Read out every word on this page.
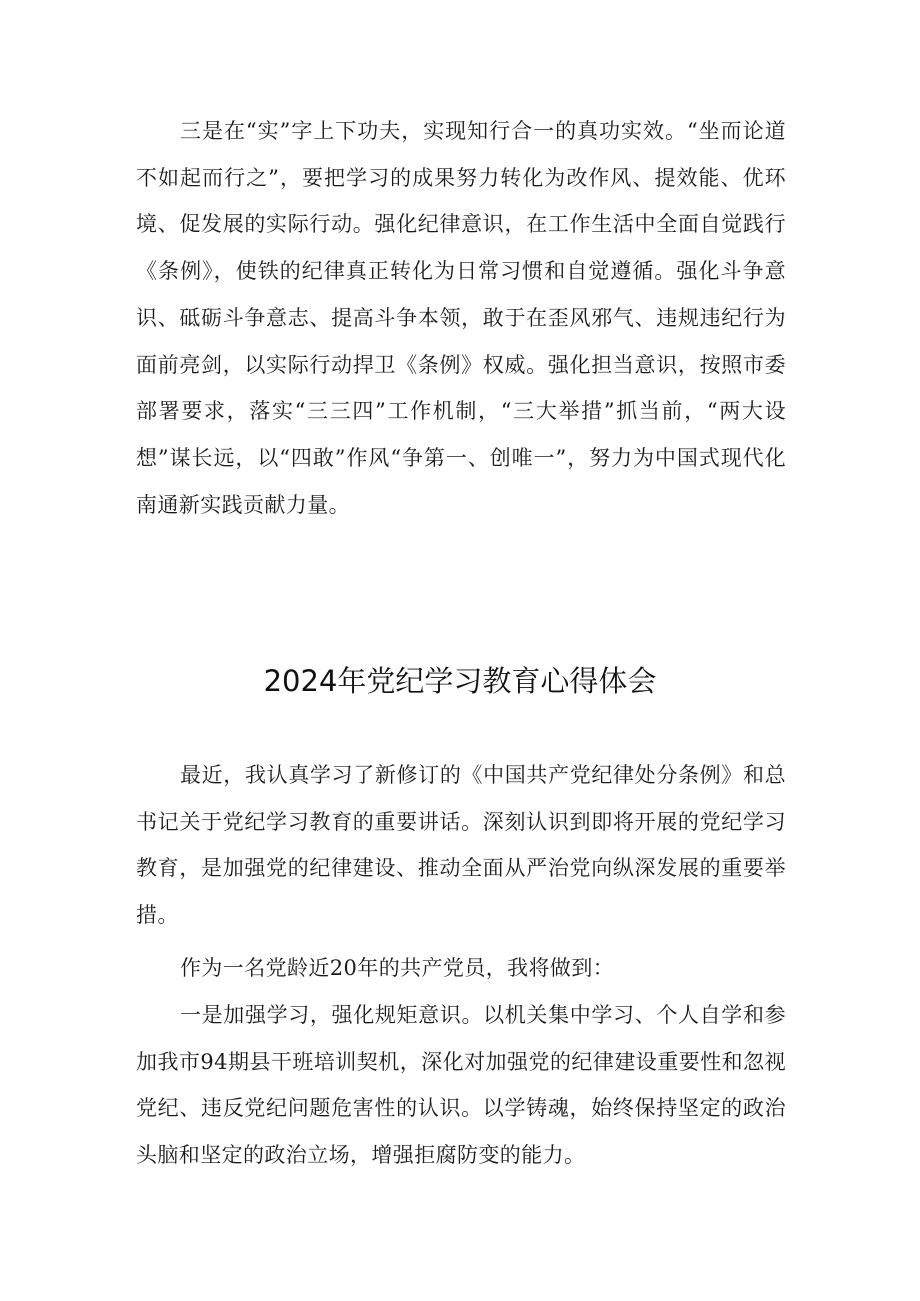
三是在“实”字上下功夫，实现知行合一的真功实效。“坐而论道不如起而行之”，要把学习的成果努力转化为改作风、提效能、优环境、促发展的实际行动。强化纪律意识，在工作生活中全面自觉践行《条例》，使铁的纪律真正转化为日常习惯和自觉遵循。强化斗争意识、砥砺斗争意志、提高斗争本领，敢于在歪风邪气、违规违纪行为面前亮剑，以实际行动捍卫《条例》权威。强化担当意识，按照市委部署要求，落实“三三四”工作机制，“三大举措”抓当前，“两大设想”谋长远，以“四敢”作风“争第一、创唯一”，努力为中国式现代化南通新实践贡献力量。

2024年党纪学习教育心得体会

最近，我认真学习了新修订的《中国共产党纪律处分条例》和总书记关于党纪学习教育的重要讲话。深刻认识到即将开展的党纪学习教育，是加强党的纪律建设、推动全面从严治党向纵深发展的重要举措。

作为一名党龄近20年的共产党员，我将做到：

一是加强学习，强化规矩意识。以机关集中学习、个人自学和参加我市94期县干班培训契机，深化对加强党的纪律建设重要性和忽视党纪、违反党纪问题危害性的认识。以学铸魂，始终保持坚定的政治头脑和坚定的政治立场，增强拒腐防变的能力。
